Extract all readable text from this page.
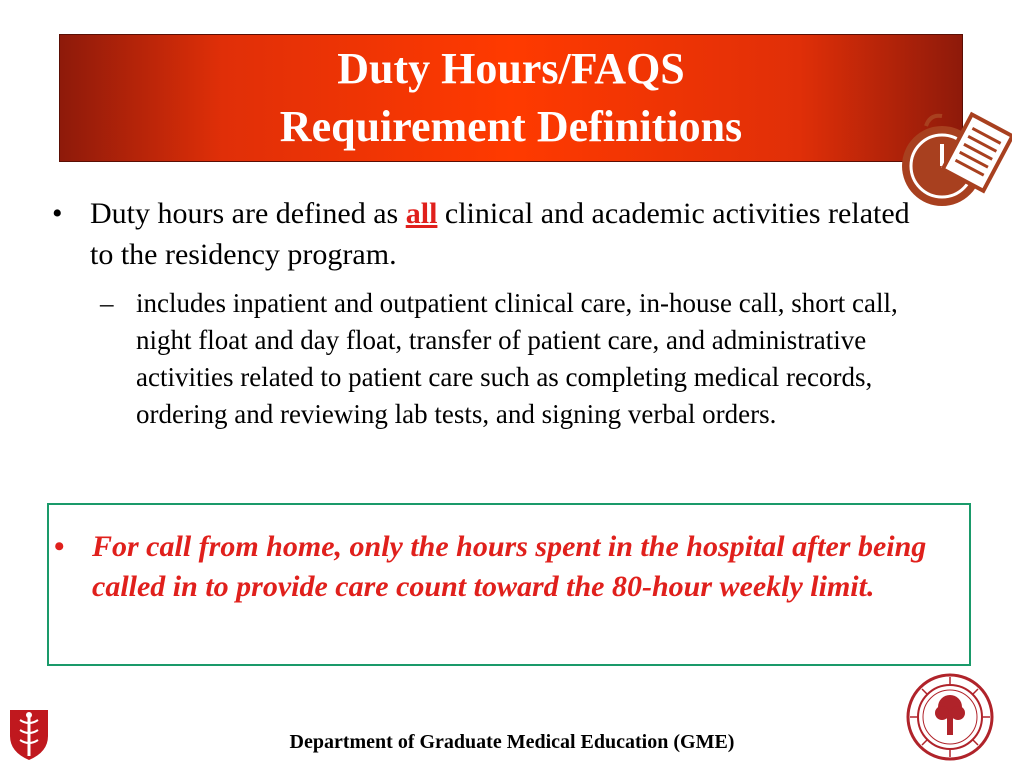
Duty Hours/FAQS
Requirement Definitions
• Duty hours are defined as all clinical and academic activities related to the residency program.
– includes inpatient and outpatient clinical care, in-house call, short call, night float and day float, transfer of patient care, and administrative activities related to patient care such as completing medical records, ordering and reviewing lab tests, and signing verbal orders.
• For call from home, only the hours spent in the hospital after being called in to provide care count toward the 80-hour weekly limit.
Department of Graduate Medical Education (GME)
